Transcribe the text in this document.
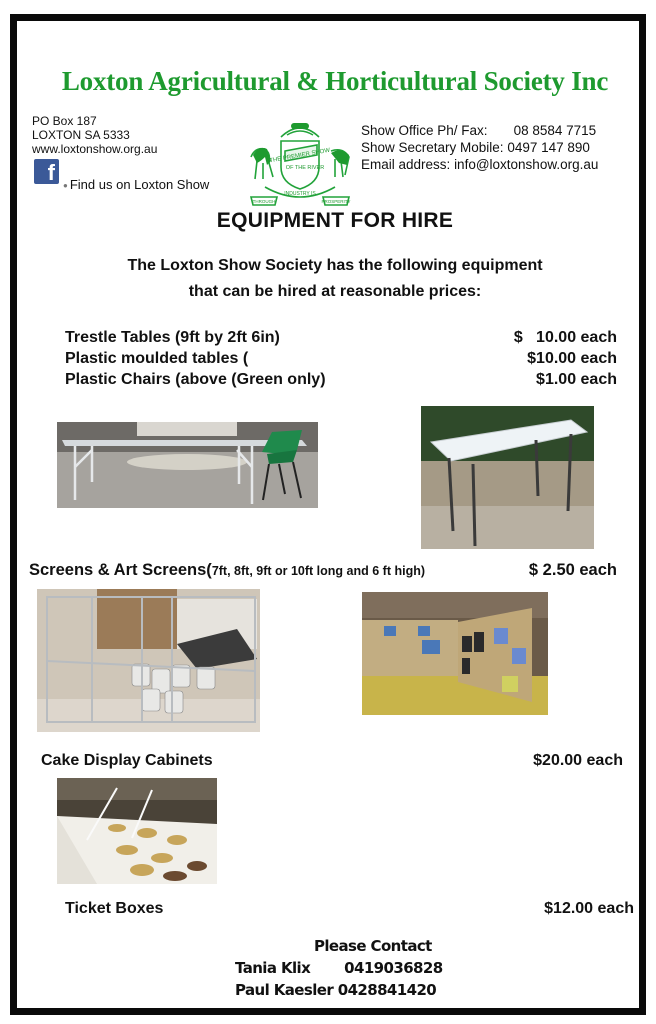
Loxton Agricultural & Horticultural Society Inc
PO Box 187
LOXTON SA 5333
www.loxtonshow.org.au
f
● Find us on Loxton Show
THE PREMIER SHOW
OF THE RIVER
INDUSTRY IS
THROUGH	PROSPERITY
Show Office Ph/ Fax: 08 8584 7715
Show Secretary Mobile: 0497 147 890
Email address: info@loxtonshow.org.au
EQUIPMENT FOR HIRE
The Loxton Show Society has the following equipment
that can be hired at reasonable prices:
Trestle Tables (9ft by 2ft 6in)	$   10.00 each
Plastic moulded tables (	$10.00 each
Plastic Chairs (above (Green only)	$1.00 each
Screens & Art Screens(7ft, 8ft, 9ft or 10ft long and 6 ft high)	$ 2.50 each
Cake Display Cabinets	$20.00 each
Ticket Boxes	$12.00 each
Please Contact
Tania Klix 0419036828
Paul Kaesler 0428841420
